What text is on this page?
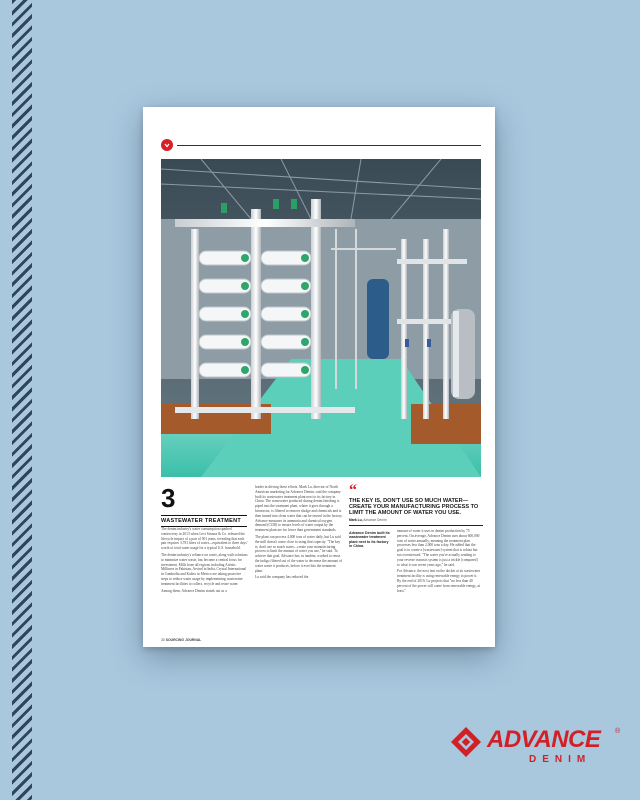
3
WASTEWATER TREATMENT

The denim industry's water consumption sparked controversy in 2013 when Levi Strauss & Co. released the lifecycle impact of a pair of 501 jeans, revealing that each pair requires 3,781 liters of water—equivalent to three days' worth of total water usage for a typical U.S. household.

The denim industry's reliance on water, along with solutions to minimize water waste, has become a central focus for investment. Mills from all regions including Artistic Milliners in Pakistan, Arvind in India, Crystal International in Cambodia and Kaltex in Mexico are taking proactive steps to reduce water usage by implementing wastewater treatment facilities to collect, recycle and reuse water.

Among them, Advance Denim stands out as a

leader in driving these efforts. Mark Lu, director of North American marketing for Advance Denim, said the company built its wastewater treatment plant next to its factory in China. The wastewater produced during denim finishing is piped into the treatment plant, where it goes through a bioreactor, is filtered to remove sludge and chemicals and is then turned into clean water that can be reused in the factory. Advance measures its ammonia and chemical oxygen demand (COD) to ensure levels of water output by the treatment plant are far lower than government standards.

The plant can process 4,000 tons of water daily, but Lu said the mill doesn't come close to using that capacity. "The key is, don't use so much water—create your manufacturing process to limit the amount of water you use," he said. To achieve that goal, Advance has, in tandem, worked to reuse the indigo filtered out of the water to decrease the amount of water waste it produces, before it ever hits the treatment plant.

Lu said the company has reduced the

“
THE KEY IS, DON'T USE SO MUCH WATER—CREATE YOUR MANUFACTURING PROCESS TO LIMIT THE AMOUNT OF WATER YOU USE.
Mark Lu, Advance Denim
Advance Denim built its wastewater treatment plant next to its factory in China.

amount of water it uses in denim production by 75 percent. On average, Advance Denim uses about 600,000 tons of water annually, meaning the treatment plan processes less than 2,000 tons a day. He added that the goal is to create a [wastewater] system that is robust but not overstressed. "The water you're actually sending to your reverse osmosis system is just a trickle [compared] to what it was seven years ago," he said.

For Advance, the next feat on the docket at its wastewater treatment facility is using renewable energy to power it. By the end of 2019, Lu projects that "no less than 40 percent of the power will come from renewable energy, at least."

30 SOURCING JOURNAL
ADVANCE ®
DENIM
